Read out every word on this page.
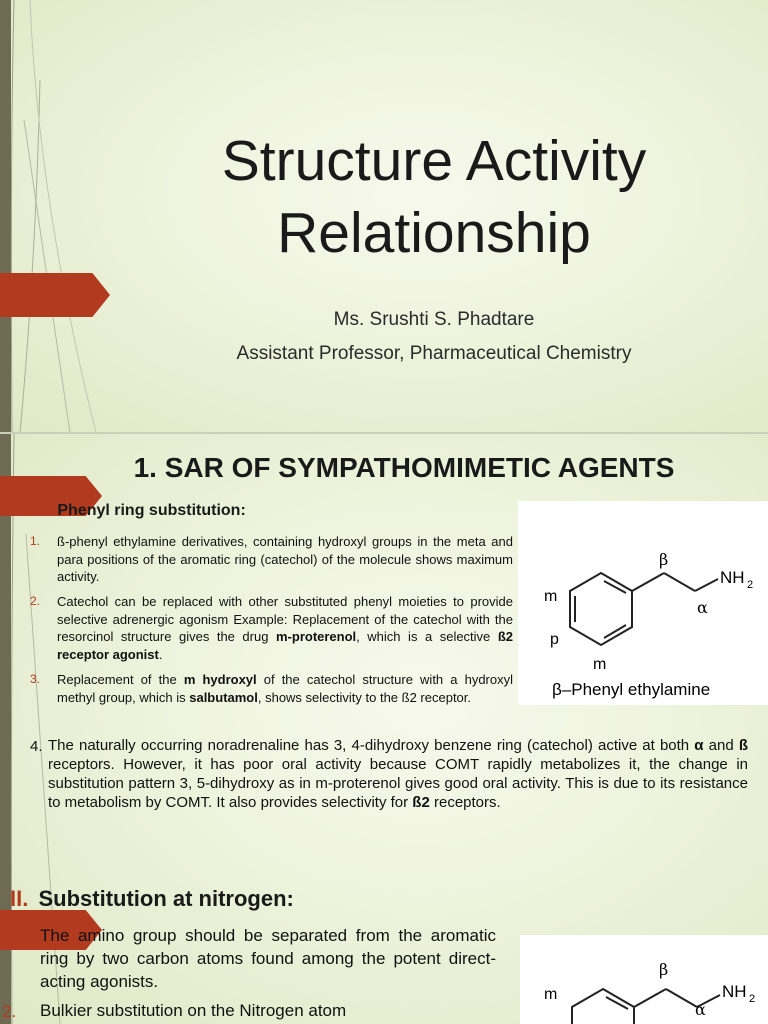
Structure Activity
Relationship
Ms. Srushti S. Phadtare
Assistant Professor, Pharmaceutical Chemistry
1. SAR OF SYMPATHOMIMETIC AGENTS
I. Phenyl ring substitution:
1. ß-phenyl ethylamine derivatives, containing hydroxyl groups in the meta and para positions of the aromatic ring (catechol) of the molecule shows maximum activity.
2. Catechol can be replaced with other substituted phenyl moieties to provide selective adrenergic agonism Example: Replacement of the catechol with the resorcinol structure gives the drug m-proterenol, which is a selective ß2 receptor agonist.
3. Replacement of the m hydroxyl of the catechol structure with a hydroxyl methyl group, which is salbutamol, shows selectivity to the ß2 receptor.
β
α
NH 2
m
p
m
β–Phenyl ethylamine
4. The naturally occurring noradrenaline has 3, 4-dihydroxy benzene ring (catechol) active at both α and ß receptors. However, it has poor oral activity because COMT rapidly metabolizes it, the change in substitution pattern 3, 5-dihydroxy as in m-proterenol gives good oral activity. This is due to its resistance to metabolism by COMT. It also provides selectivity for ß2 receptors.
II. Substitution at nitrogen:
1. The amino group should be separated from the aromatic ring by two carbon atoms found among the potent direct-acting agonists.
2. Bulkier substitution on the Nitrogen atom
β
α
NH 2
m
